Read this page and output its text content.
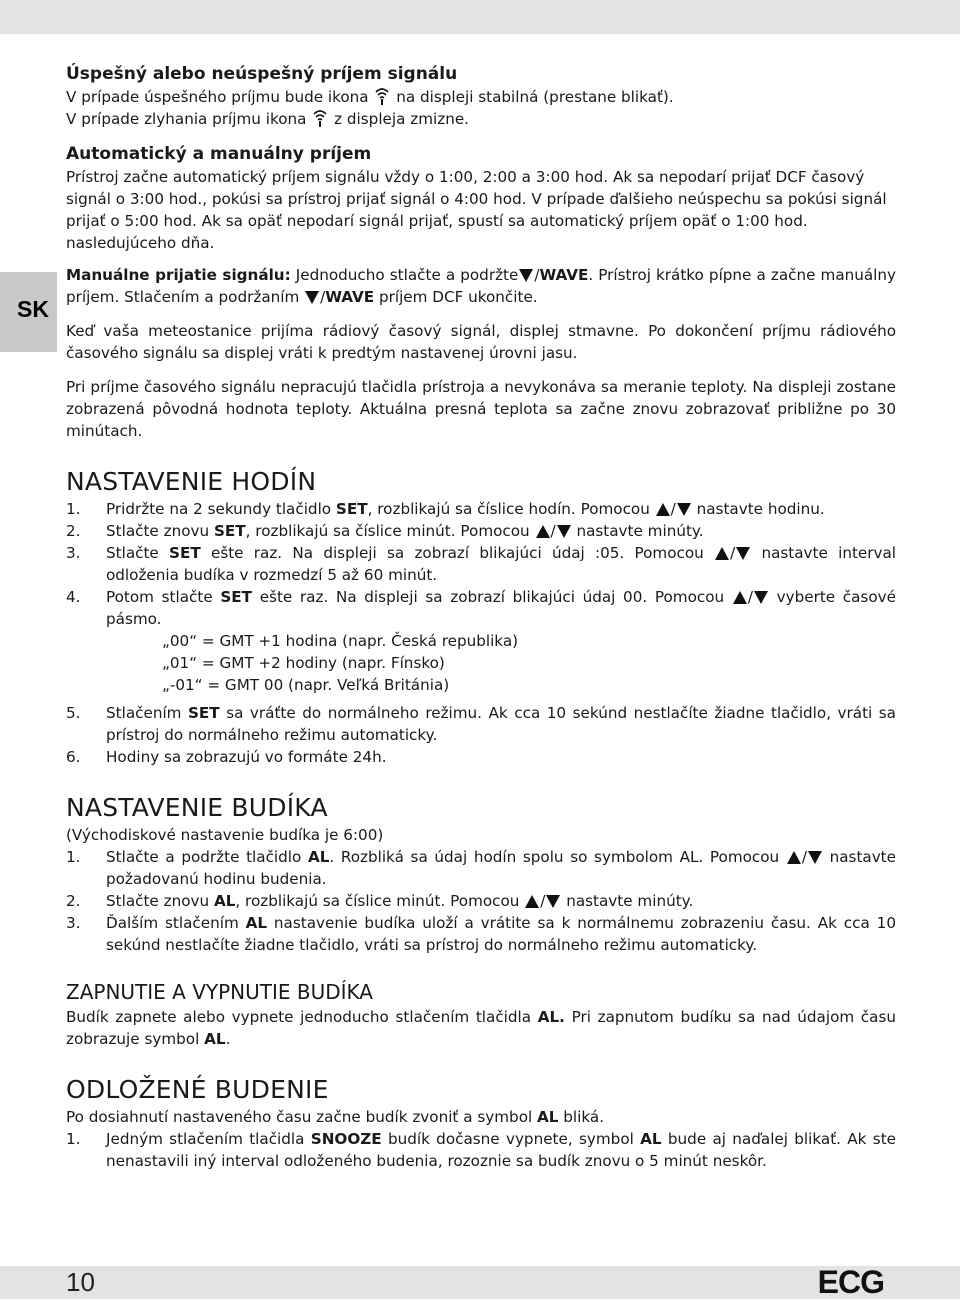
SK
Úspešný alebo neúspešný príjem signálu

V prípade úspešného príjmu bude ikona na displeji stabilná (prestane blikať).

V prípade zlyhania príjmu ikona z displeja zmizne.

Automatický a manuálny príjem

Prístroj začne automatický príjem signálu vždy o 1:00, 2:00 a 3:00 hod. Ak sa nepodarí prijať DCF časový signál o 3:00 hod., pokúsi sa prístroj prijať signál o 4:00 hod. V prípade ďalšieho neúspechu sa pokúsi signál prijať o 5:00 hod. Ak sa opäť nepodarí signál prijať, spustí sa automatický príjem opäť o 1:00 hod. nasledujúceho dňa.

Manuálne prijatie signálu: Jednoducho stlačte a podržte /WAVE. Prístroj krátko pípne a začne manuálny príjem. Stlačením a podržaním /WAVE príjem DCF ukončite.

Keď vaša meteostanice prijíma rádiový časový signál, displej stmavne. Po dokončení príjmu rádiového časového signálu sa displej vráti k predtým nastavenej úrovni jasu.

Pri príjme časového signálu nepracujú tlačidla prístroja a nevykonáva sa meranie teploty. Na displeji zostane zobrazená pôvodná hodnota teploty. Aktuálna presná teplota sa začne znovu zobrazovať približne po 30 minútach.

NASTAVENIE HODÍN
1. Pridržte na 2 sekundy tlačidlo SET, rozblikajú sa číslice hodín. Pomocou / nastavte hodinu.
2. Stlačte znovu SET, rozblikajú sa číslice minút. Pomocou / nastavte minúty.
3. Stlačte SET ešte raz. Na displeji sa zobrazí blikajúci údaj :05. Pomocou / nastavte interval odloženia budíka v rozmedzí 5 až 60 minút.
4. Potom stlačte SET ešte raz. Na displeji sa zobrazí blikajúci údaj 00. Pomocou / vyberte časové pásmo.

„00“ = GMT +1 hodina (napr. Česká republika)

„01“ = GMT +2 hodiny (napr. Fínsko)

„-01“ = GMT 00 (napr. Veľká Británia)

5. Stlačením SET sa vráťte do normálneho režimu. Ak cca 10 sekúnd nestlačíte žiadne tlačidlo, vráti sa prístroj do normálneho režimu automaticky.
6. Hodiny sa zobrazujú vo formáte 24h.
NASTAVENIE BUDÍKA

(Východiskové nastavenie budíka je 6:00)

1. Stlačte a podržte tlačidlo AL. Rozbliká sa údaj hodín spolu so symbolom AL. Pomocou / nastavte požadovanú hodinu budenia.
2. Stlačte znovu AL, rozblikajú sa číslice minút. Pomocou / nastavte minúty.
3. Ďalším stlačením AL nastavenie budíka uloží a vrátite sa k normálnemu zobrazeniu času. Ak cca 10 sekúnd nestlačíte žiadne tlačidlo, vráti sa prístroj do normálneho režimu automaticky.
ZAPNUTIE A VYPNUTIE BUDÍKA

Budík zapnete alebo vypnete jednoducho stlačením tlačidla AL. Pri zapnutom budíku sa nad údajom času zobrazuje symbol AL.

ODLOŽENÉ BUDENIE

Po dosiahnutí nastaveného času začne budík zvoniť a symbol AL bliká.

1. Jedným stlačením tlačidla SNOOZE budík dočasne vypnete, symbol AL bude aj naďalej blikať. Ak ste nenastavili iný interval odloženého budenia, rozoznie sa budík znovu o 5 minút neskôr.
10	ECG
